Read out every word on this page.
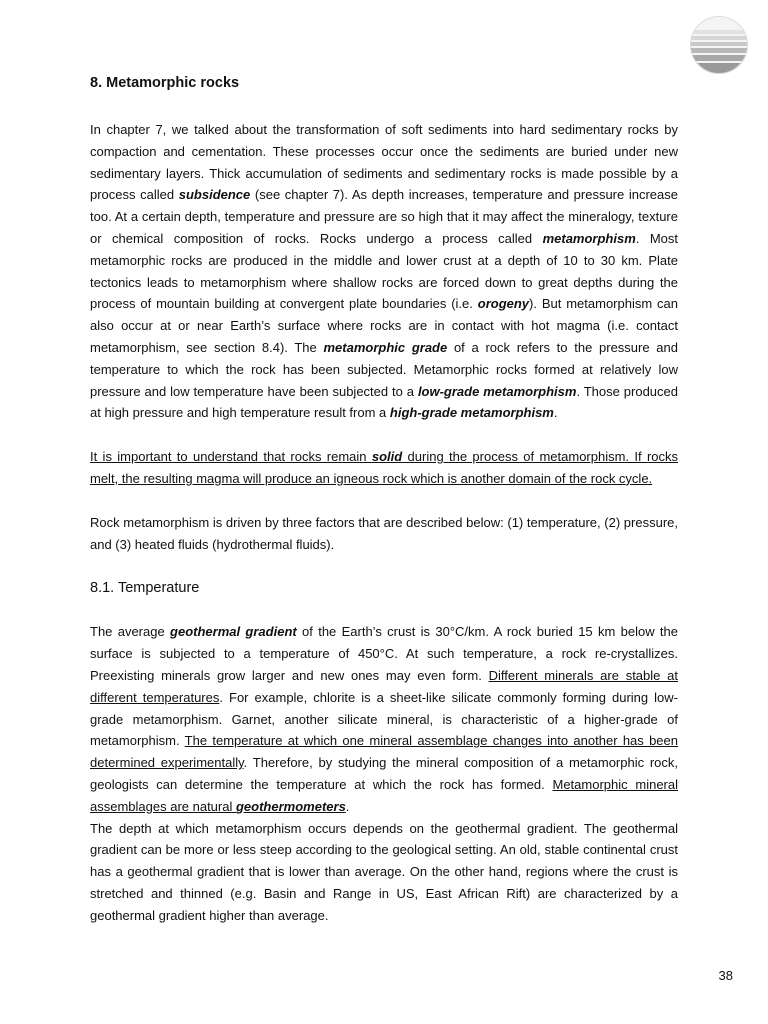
8. Metamorphic rocks

In chapter 7, we talked about the transformation of soft sediments into hard sedimentary rocks by compaction and cementation. These processes occur once the sediments are buried under new sedimentary layers. Thick accumulation of sediments and sedimentary rocks is made possible by a process called subsidence (see chapter 7). As depth increases, temperature and pressure increase too. At a certain depth, temperature and pressure are so high that it may affect the mineralogy, texture or chemical composition of rocks. Rocks undergo a process called metamorphism. Most metamorphic rocks are produced in the middle and lower crust at a depth of 10 to 30 km. Plate tectonics leads to metamorphism where shallow rocks are forced down to great depths during the process of mountain building at convergent plate boundaries (i.e. orogeny). But metamorphism can also occur at or near Earth’s surface where rocks are in contact with hot magma (i.e. contact metamorphism, see section 8.4). The metamorphic grade of a rock refers to the pressure and temperature to which the rock has been subjected. Metamorphic rocks formed at relatively low pressure and low temperature have been subjected to a low-grade metamorphism. Those produced at high pressure and high temperature result from a high-grade metamorphism.

It is important to understand that rocks remain solid during the process of metamorphism. If rocks melt, the resulting magma will produce an igneous rock which is another domain of the rock cycle.

Rock metamorphism is driven by three factors that are described below: (1) temperature, (2) pressure, and (3) heated fluids (hydrothermal fluids).

8.1. Temperature

The average geothermal gradient of the Earth’s crust is 30°C/km. A rock buried 15 km below the surface is subjected to a temperature of 450°C. At such temperature, a rock re-crystallizes. Preexisting minerals grow larger and new ones may even form. Different minerals are stable at different temperatures. For example, chlorite is a sheet-like silicate commonly forming during low-grade metamorphism. Garnet, another silicate mineral, is characteristic of a higher-grade of metamorphism. The temperature at which one mineral assemblage changes into another has been determined experimentally. Therefore, by studying the mineral composition of a metamorphic rock, geologists can determine the temperature at which the rock has formed. Metamorphic mineral assemblages are natural geothermometers.

The depth at which metamorphism occurs depends on the geothermal gradient. The geothermal gradient can be more or less steep according to the geological setting. An old, stable continental crust has a geothermal gradient that is lower than average. On the other hand, regions where the crust is stretched and thinned (e.g. Basin and Range in US, East African Rift) are characterized by a geothermal gradient higher than average.

38
